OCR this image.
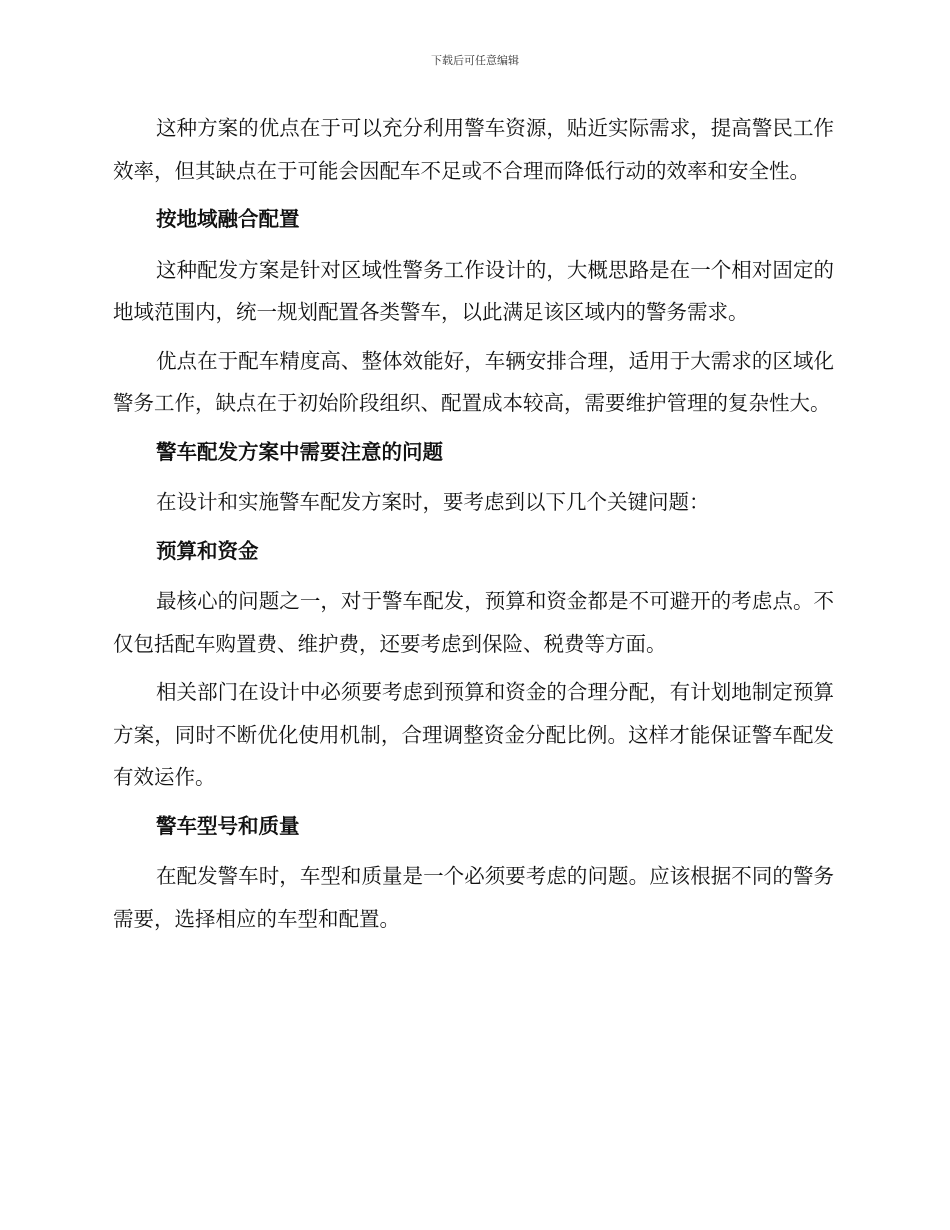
下载后可任意编辑

这种方案的优点在于可以充分利用警车资源，贴近实际需求，提高警民工作效率，但其缺点在于可能会因配车不足或不合理而降低行动的效率和安全性。

按地域融合配置

这种配发方案是针对区域性警务工作设计的，大概思路是在一个相对固定的地域范围内，统一规划配置各类警车，以此满足该区域内的警务需求。

优点在于配车精度高、整体效能好，车辆安排合理，适用于大需求的区域化警务工作，缺点在于初始阶段组织、配置成本较高，需要维护管理的复杂性大。

警车配发方案中需要注意的问题

在设计和实施警车配发方案时，要考虑到以下几个关键问题：

预算和资金

最核心的问题之一，对于警车配发，预算和资金都是不可避开的考虑点。不仅包括配车购置费、维护费，还要考虑到保险、税费等方面。

相关部门在设计中必须要考虑到预算和资金的合理分配，有计划地制定预算方案，同时不断优化使用机制，合理调整资金分配比例。这样才能保证警车配发有效运作。

警车型号和质量

在配发警车时，车型和质量是一个必须要考虑的问题。应该根据不同的警务需要，选择相应的车型和配置。
